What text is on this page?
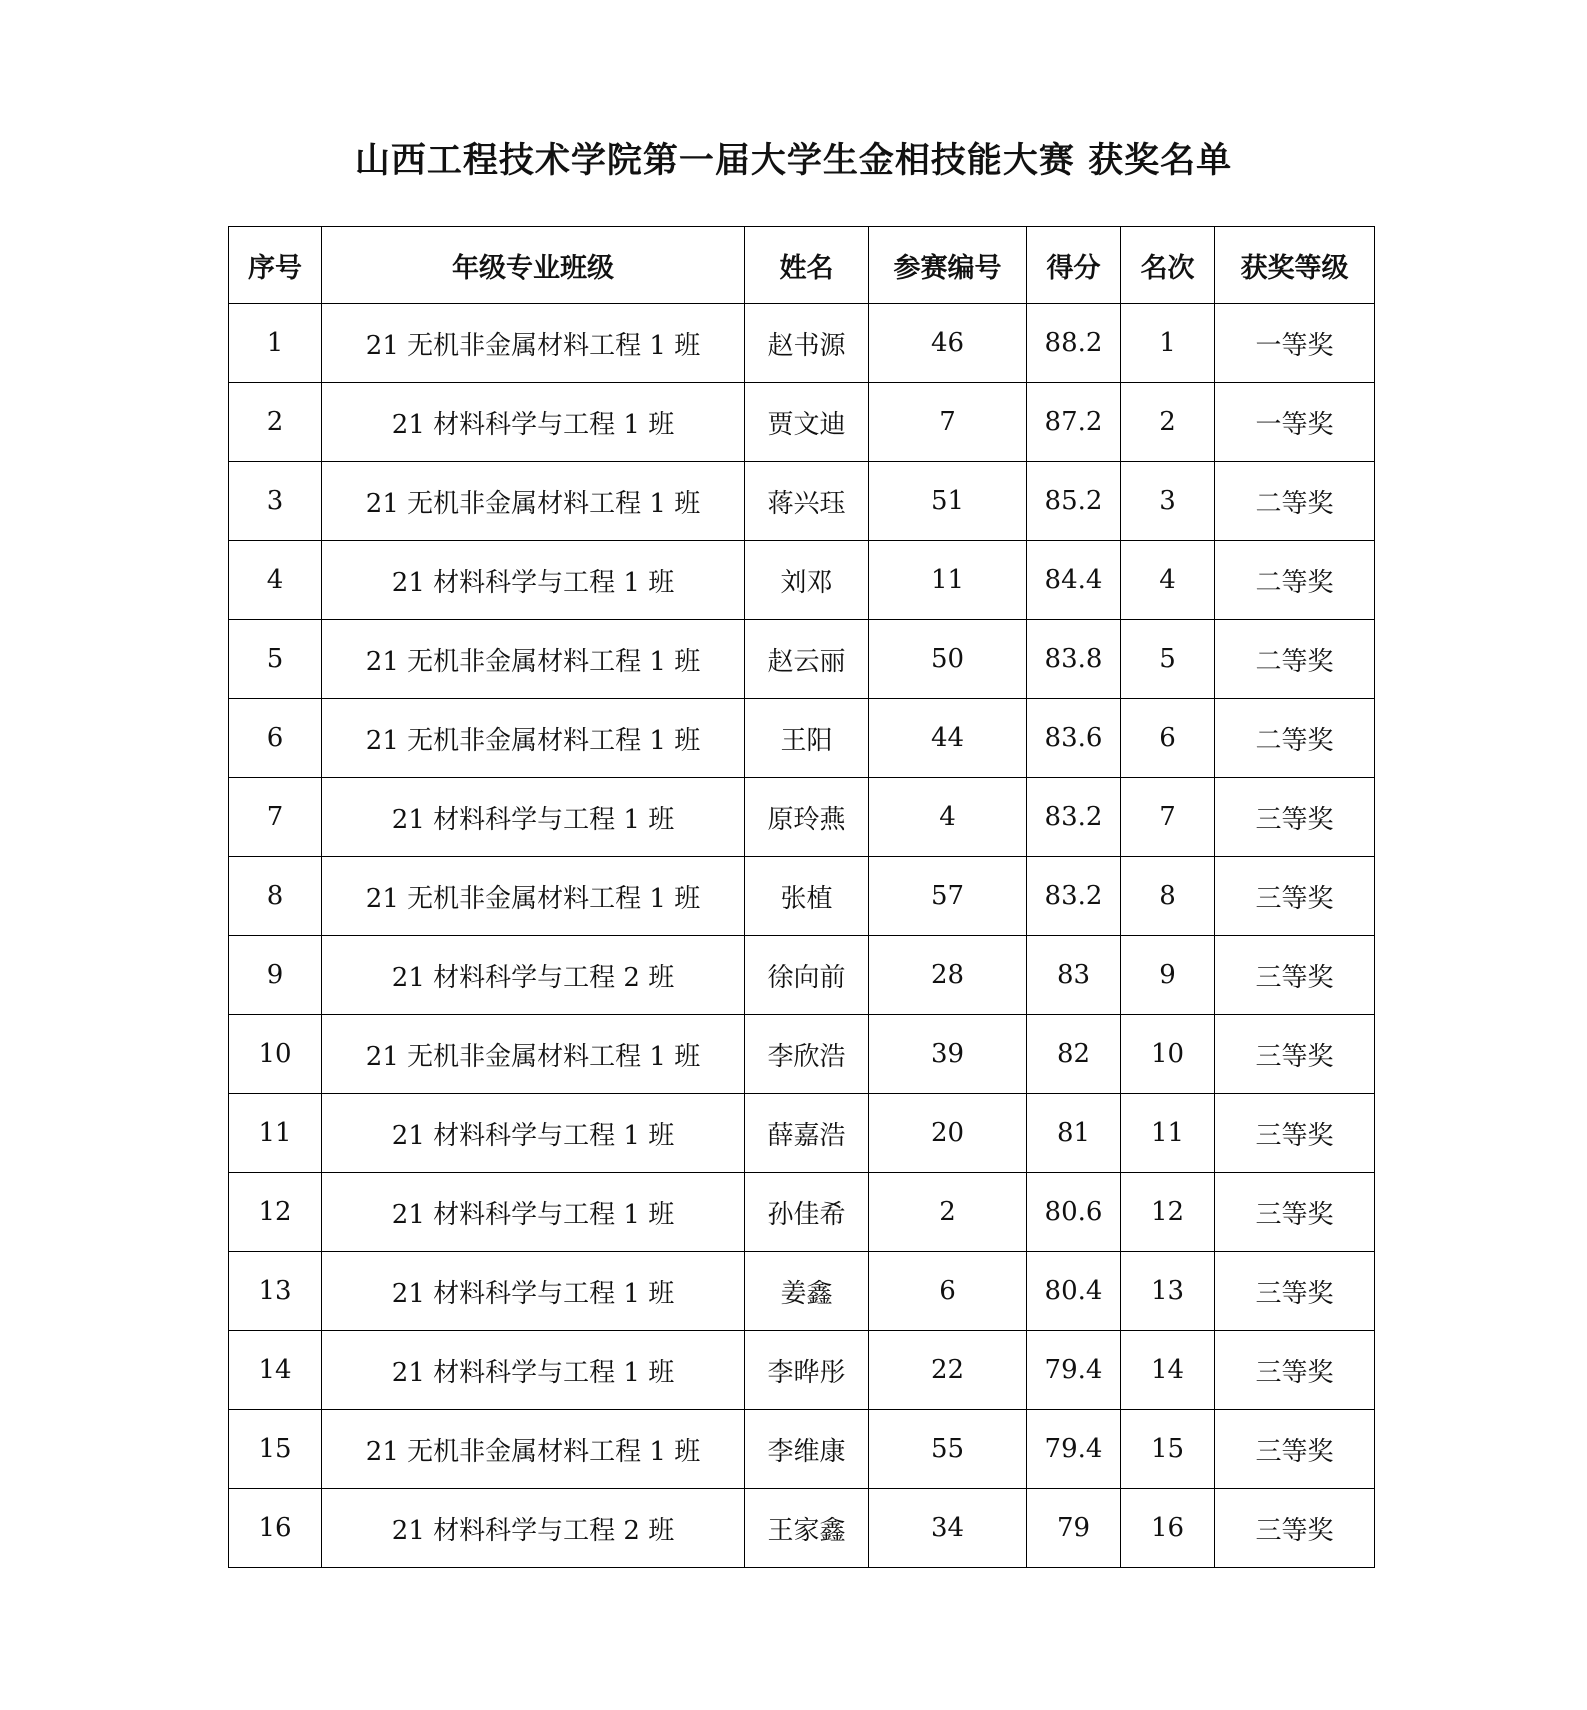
山西工程技术学院第一届大学生金相技能大赛 获奖名单
序号	年级专业班级	姓名	参赛编号	得分	名次	获奖等级
1	21 无机非金属材料工程 1 班	赵书源	46	88.2	1	一等奖
2	21 材料科学与工程 1 班	贾文迪	7	87.2	2	一等奖
3	21 无机非金属材料工程 1 班	蒋兴珏	51	85.2	3	二等奖
4	21 材料科学与工程 1 班	刘邓	11	84.4	4	二等奖
5	21 无机非金属材料工程 1 班	赵云丽	50	83.8	5	二等奖
6	21 无机非金属材料工程 1 班	王阳	44	83.6	6	二等奖
7	21 材料科学与工程 1 班	原玲燕	4	83.2	7	三等奖
8	21 无机非金属材料工程 1 班	张植	57	83.2	8	三等奖
9	21 材料科学与工程 2 班	徐向前	28	83	9	三等奖
10	21 无机非金属材料工程 1 班	李欣浩	39	82	10	三等奖
11	21 材料科学与工程 1 班	薛嘉浩	20	81	11	三等奖
12	21 材料科学与工程 1 班	孙佳希	2	80.6	12	三等奖
13	21 材料科学与工程 1 班	姜鑫	6	80.4	13	三等奖
14	21 材料科学与工程 1 班	李晔彤	22	79.4	14	三等奖
15	21 无机非金属材料工程 1 班	李维康	55	79.4	15	三等奖
16	21 材料科学与工程 2 班	王家鑫	34	79	16	三等奖
